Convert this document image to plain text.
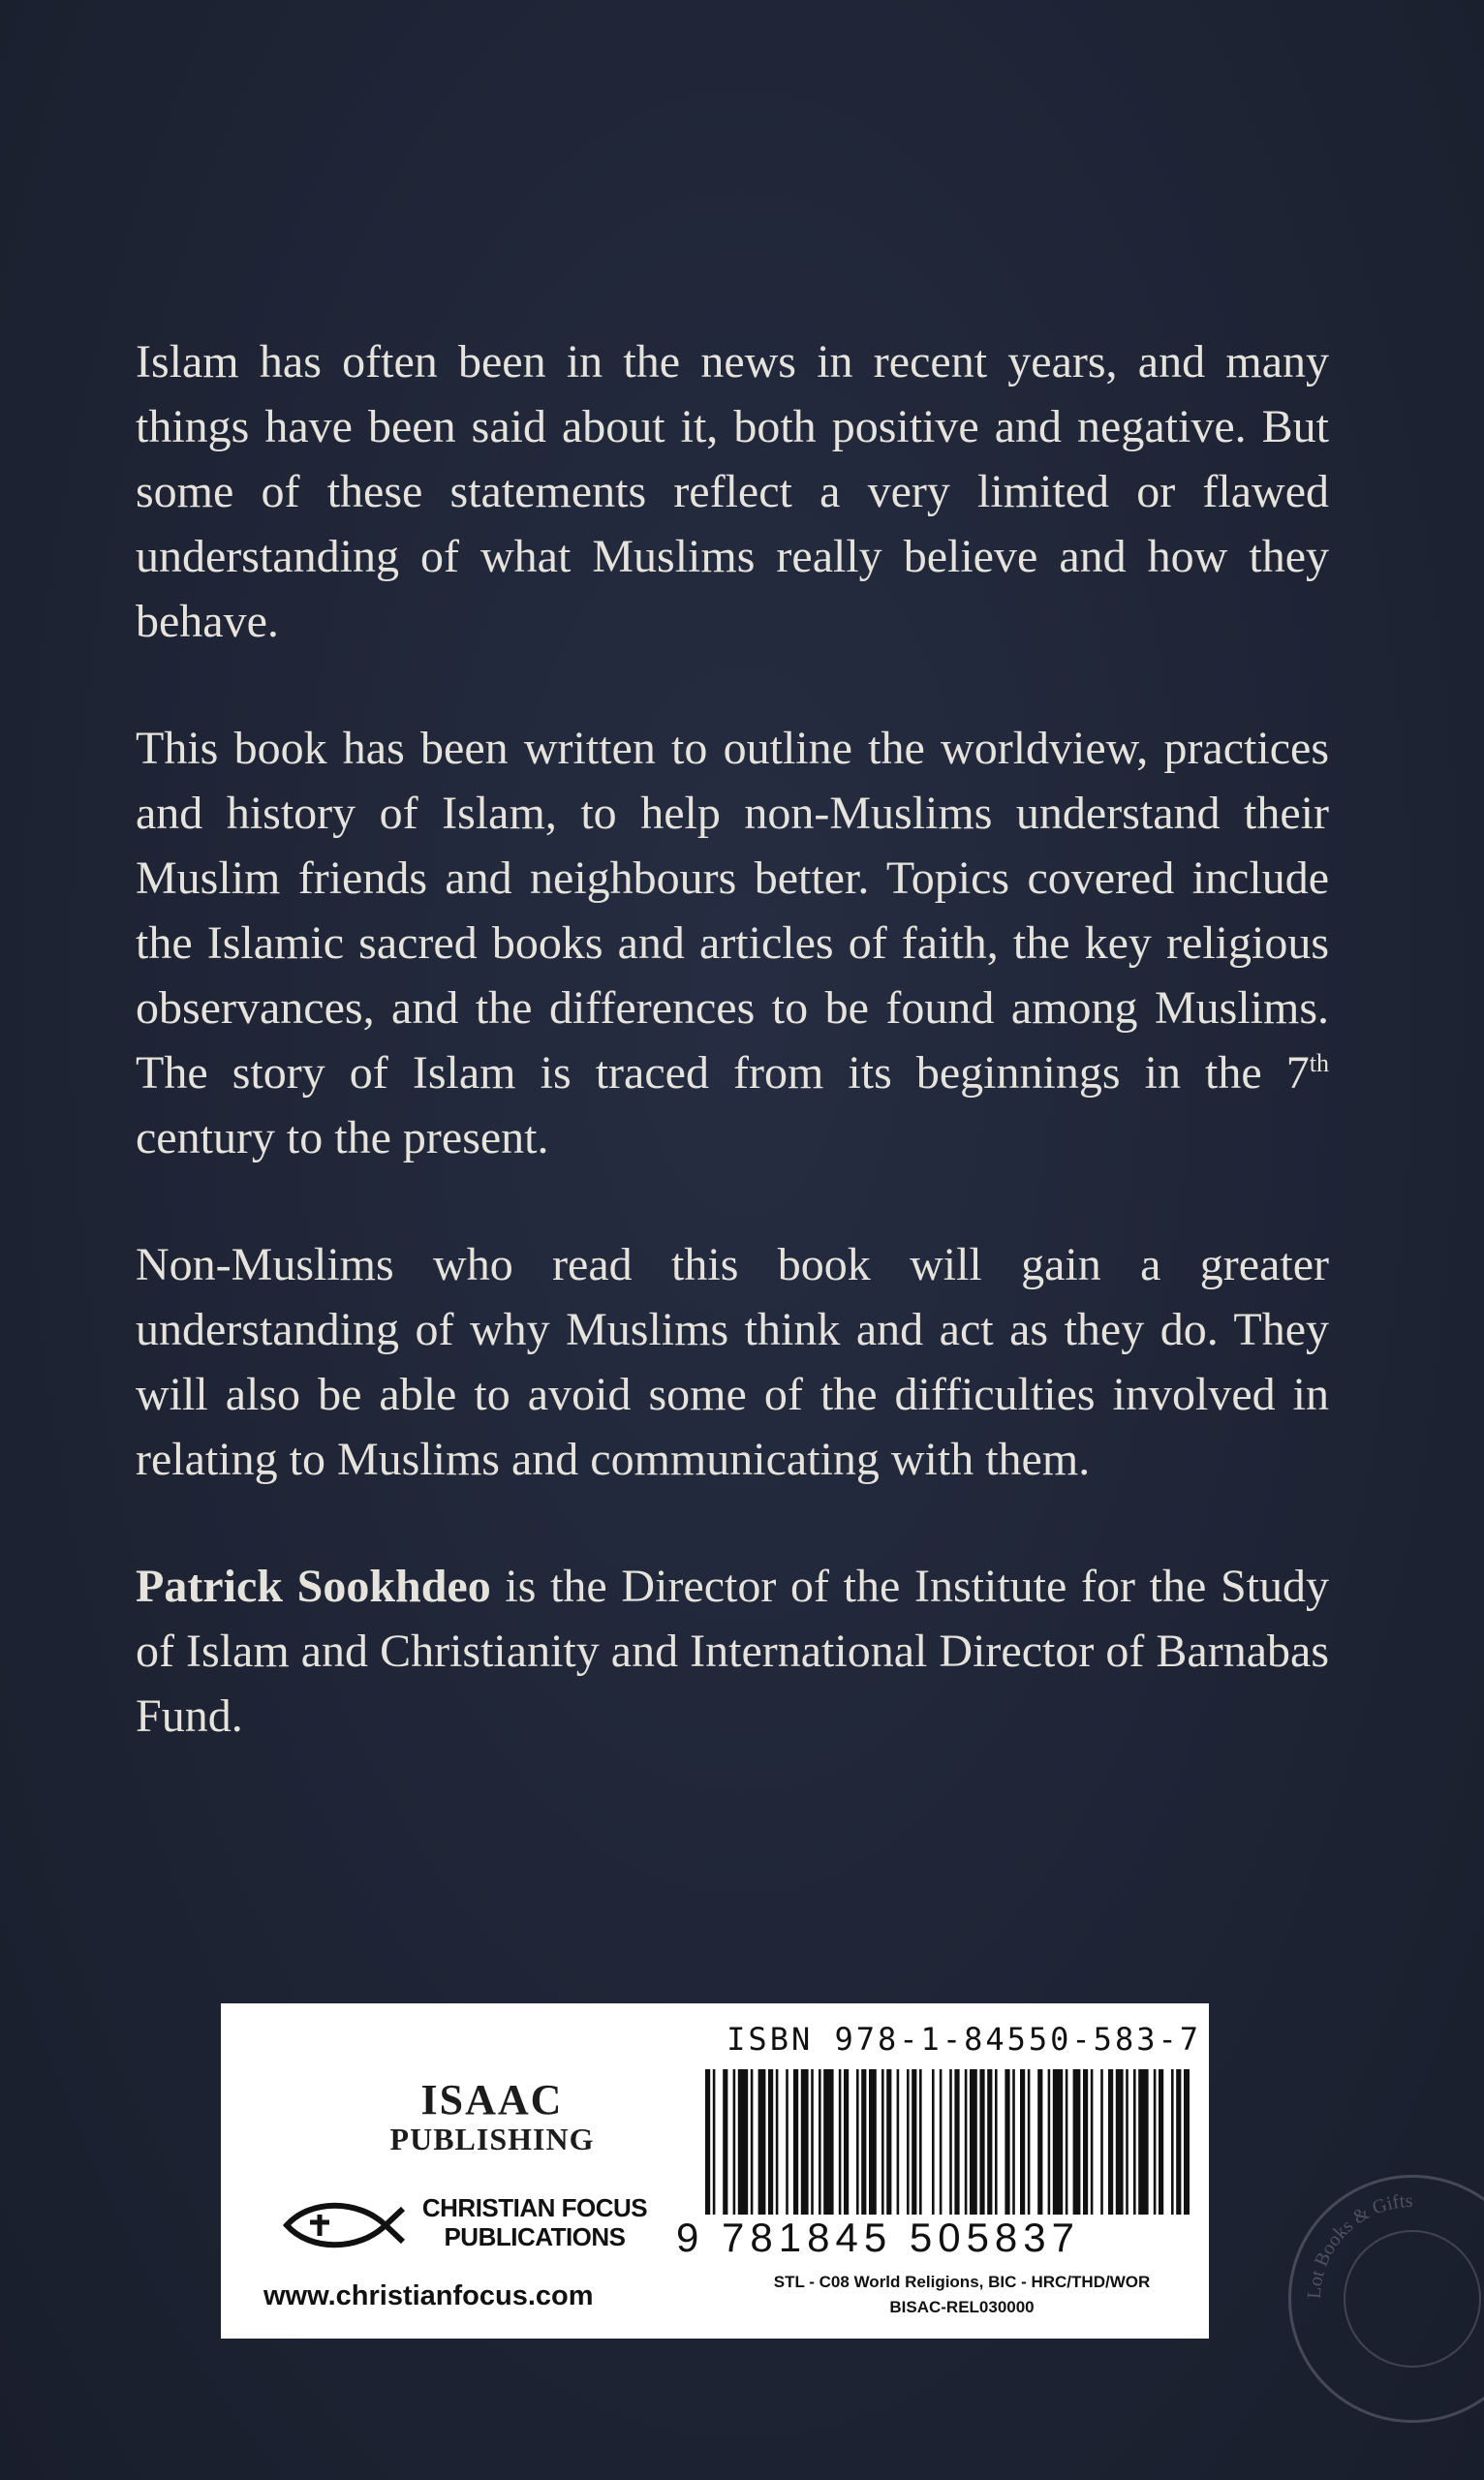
Islam has often been in the news in recent years, and many things have been said about it, both positive and negative. But some of these statements reflect a very limited or flawed understanding of what Muslims really believe and how they behave.

This book has been written to outline the worldview, practices and history of Islam, to help non-Muslims understand their Muslim friends and neighbours better. Topics covered include the Islamic sacred books and articles of faith, the key religious observances, and the differences to be found among Muslims. The story of Islam is traced from its beginnings in the 7th century to the present.

Non-Muslims who read this book will gain a greater understanding of why Muslims think and act as they do. They will also be able to avoid some of the difficulties involved in relating to Muslims and communicating with them.

Patrick Sookhdeo is the Director of the Institute for the Study of Islam and Christianity and International Director of Barnabas Fund.

ISAAC
PUBLISHING
CHRISTIAN FOCUS
PUBLICATIONS
www.christianfocus.com
ISBN 978-1-84550-583-7
9 781845 505837
STL - C08 World Religions, BIC - HRC/THD/WOR
BISAC-REL030000
Lot Books & Gifts
